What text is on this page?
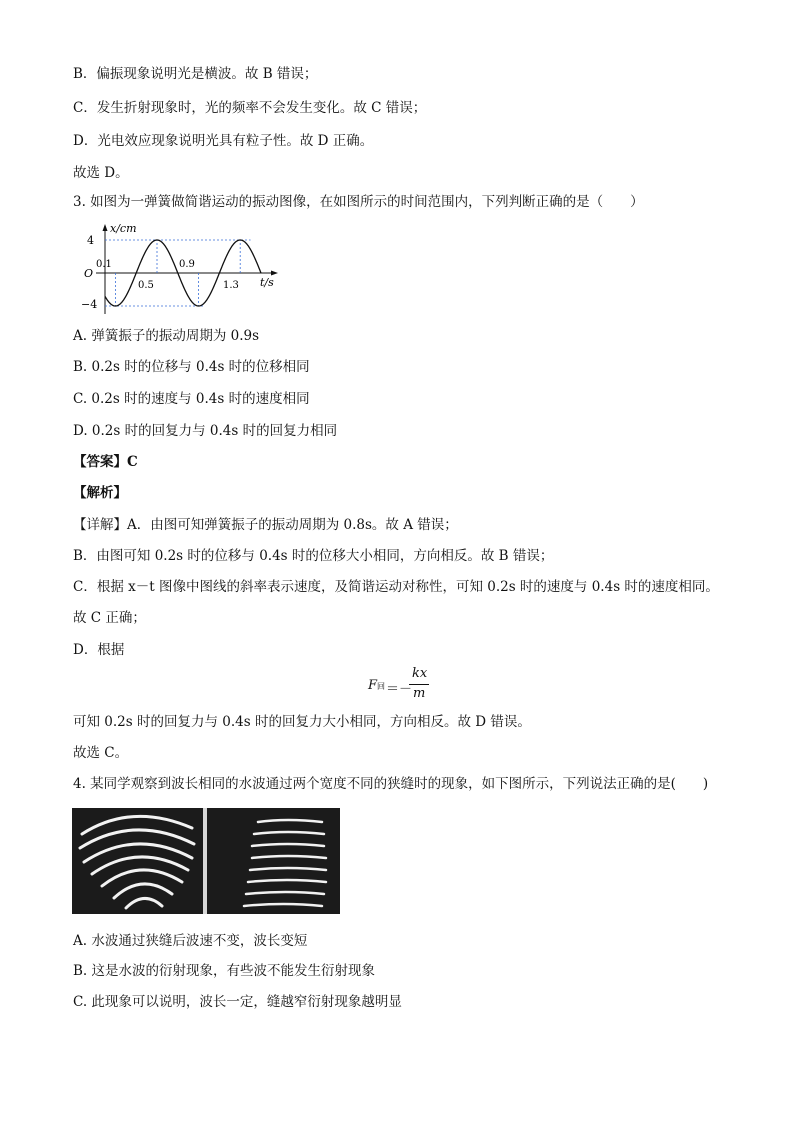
B．偏振现象说明光是横波。故 B 错误；
C．发生折射现象时，光的频率不会发生变化。故 C 错误；
D．光电效应现象说明光具有粒子性。故 D 正确。
故选 D。
3. 如图为一弹簧做简谐运动的振动图像，在如图所示的时间范围内，下列判断正确的是（　　）
x/cm
t/s
O
4
−4
0.1
0.5
0.9
1.3
A. 弹簧振子的振动周期为 0.9s
B. 0.2s 时的位移与 0.4s 时的位移相同
C. 0.2s 时的速度与 0.4s 时的速度相同
D. 0.2s 时的回复力与 0.4s 时的回复力相同
【答案】C
【解析】
【详解】A．由图可知弹簧振子的振动周期为 0.8s。故 A 错误；
B．由图可知 0.2s 时的位移与 0.4s 时的位移大小相同，方向相反。故 B 错误；
C．根据 x－t 图像中图线的斜率表示速度，及简谐运动对称性，可知 0.2s 时的速度与 0.4s 时的速度相同。
故 C 正确；
D．根据
F回 ＝－
kx
m
可知 0.2s 时的回复力与 0.4s 时的回复力大小相同，方向相反。故 D 错误。
故选 C。
4. 某同学观察到波长相同的水波通过两个宽度不同的狭缝时的现象，如下图所示，下列说法正确的是(　　)
A. 水波通过狭缝后波速不变，波长变短
B. 这是水波的衍射现象，有些波不能发生衍射现象
C. 此现象可以说明，波长一定，缝越窄衍射现象越明显
